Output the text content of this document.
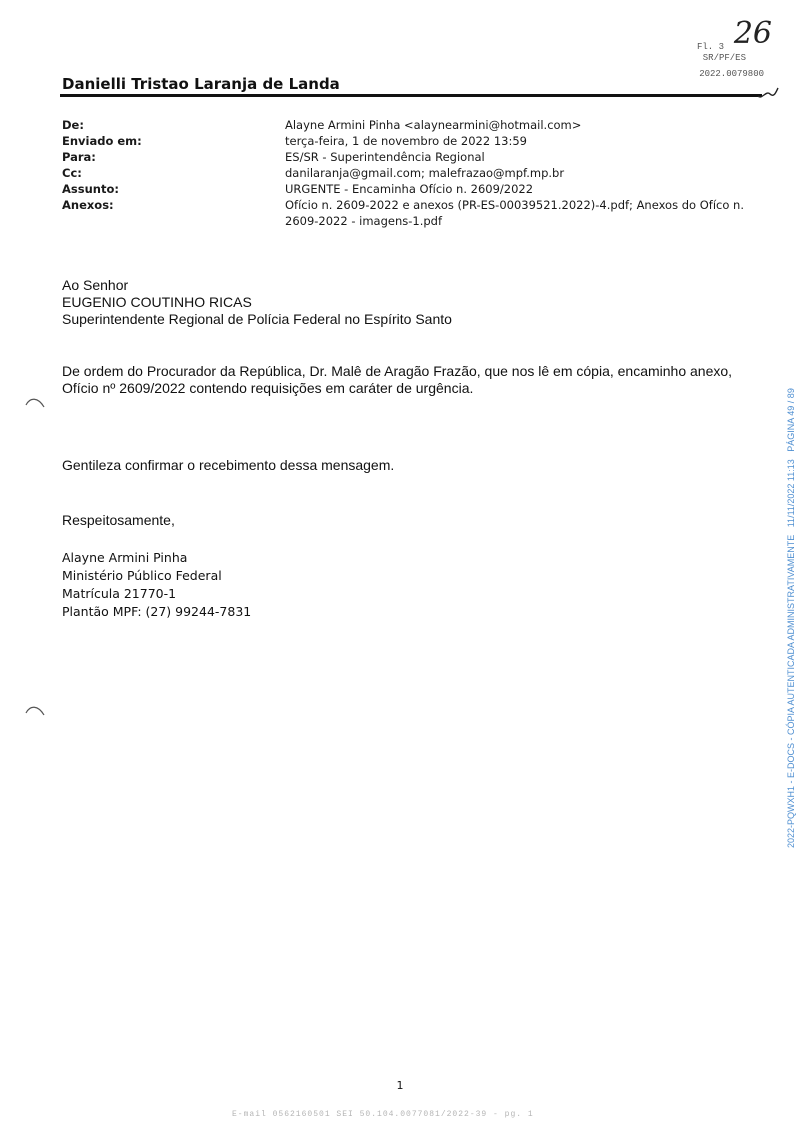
Fl. 3
SR/PF/ES
2022.0079800
26
Danielli Tristao Laranja de Landa
De:	Alayne Armini Pinha <alaynearmini@hotmail.com>
Enviado em:	terça-feira, 1 de novembro de 2022 13:59
Para:	ES/SR - Superintendência Regional
Cc:	danilaranja@gmail.com; malefrazao@mpf.mp.br
Assunto:	URGENTE - Encaminha Ofício n. 2609/2022
Anexos:	Ofício n. 2609-2022 e anexos (PR-ES-00039521.2022)-4.pdf; Anexos do Ofíco n. 2609-2022 - imagens-1.pdf
Ao Senhor
EUGENIO COUTINHO RICAS
Superintendente Regional de Polícia Federal no Espírito Santo
De ordem do Procurador da República, Dr. Malê de Aragão Frazão, que nos lê em cópia, encaminho anexo, Ofício nº 2609/2022 contendo requisições em caráter de urgência.
Gentileza confirmar o recebimento dessa mensagem.
Respeitosamente,
Alayne Armini Pinha
Ministério Público Federal
Matrícula 21770-1
Plantão MPF: (27) 99244-7831	2022-PQWXH1 - E-DOCS - CÓPIA AUTENTICADA ADMINISTRATIVAMENTE   11/11/2022 11:13   PÁGINA 49 / 89
1
E-mail 0562160501 SEI 50.104.0077081/2022-39 - pg. 1
